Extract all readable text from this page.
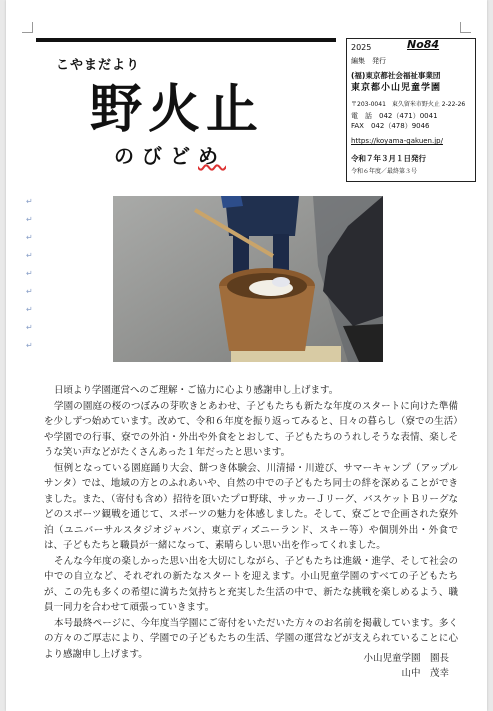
↵
↵
↵
↵
↵
↵
↵
↵
↵
こやまだより
野火止
のびどめ
2025	No84
編集　発行
(福)東京都社会福祉事業団
東京都小山児童学園
〒203-0041　東久留米市野火止 2-22-26
電　話　042（471）0041
FAX　042（478）9046
https://koyama-gakuen.jp/
令和７年３月１日発行
令和６年度／最終第３号

日頃より学園運営へのご理解・ご協力に心より感謝申し上げます。

学園の園庭の桜のつぼみの芽吹きとあわせ、子どもたちも新たな年度のスタートに向けた準備を少しずつ始めています。改めて、令和６年度を振り返ってみると、日々の暮らし（寮での生活）や学園での行事、寮での外泊・外出や外食をとおして、子どもたちのうれしそうな表情、楽しそうな笑い声などがたくさんあった１年だったと思います。

恒例となっている園庭踊り大会、餅つき体験会、川清掃・川遊び、サマーキャンプ（アップルサンタ）では、地域の方とのふれあいや、自然の中での子どもたち同士の絆を深めることができました。また、（寄付も含め）招待を頂いたプロ野球、サッカーＪリーグ、バスケットＢリーグなどのスポーツ観戦を通じて、スポーツの魅力を体感しました。そして、寮ごとで企画された寮外泊（ユニバーサルスタジオジャパン、東京ディズニーランド、スキー等）や個別外出・外食では、子どもたちと職員が一緒になって、素晴らしい思い出を作ってくれました。

そんな今年度の楽しかった思い出を大切にしながら、子どもたちは進級・進学、そして社会の中での自立など、それぞれの新たなスタートを迎えます。小山児童学園のすべての子どもたちが、この先も多くの希望に満ちた気持ちと充実した生活の中で、新たな挑戦を楽しめるよう、職員一同力を合わせて頑張っていきます。

本号最終ページに、今年度当学園にご寄付をいただいた方々のお名前を掲載しています。多くの方々のご厚志により、学園での子どもたちの生活、学園の運営などが支えられていることに心より感謝申し上げます。	小山児童学園　園長
山中　茂幸
